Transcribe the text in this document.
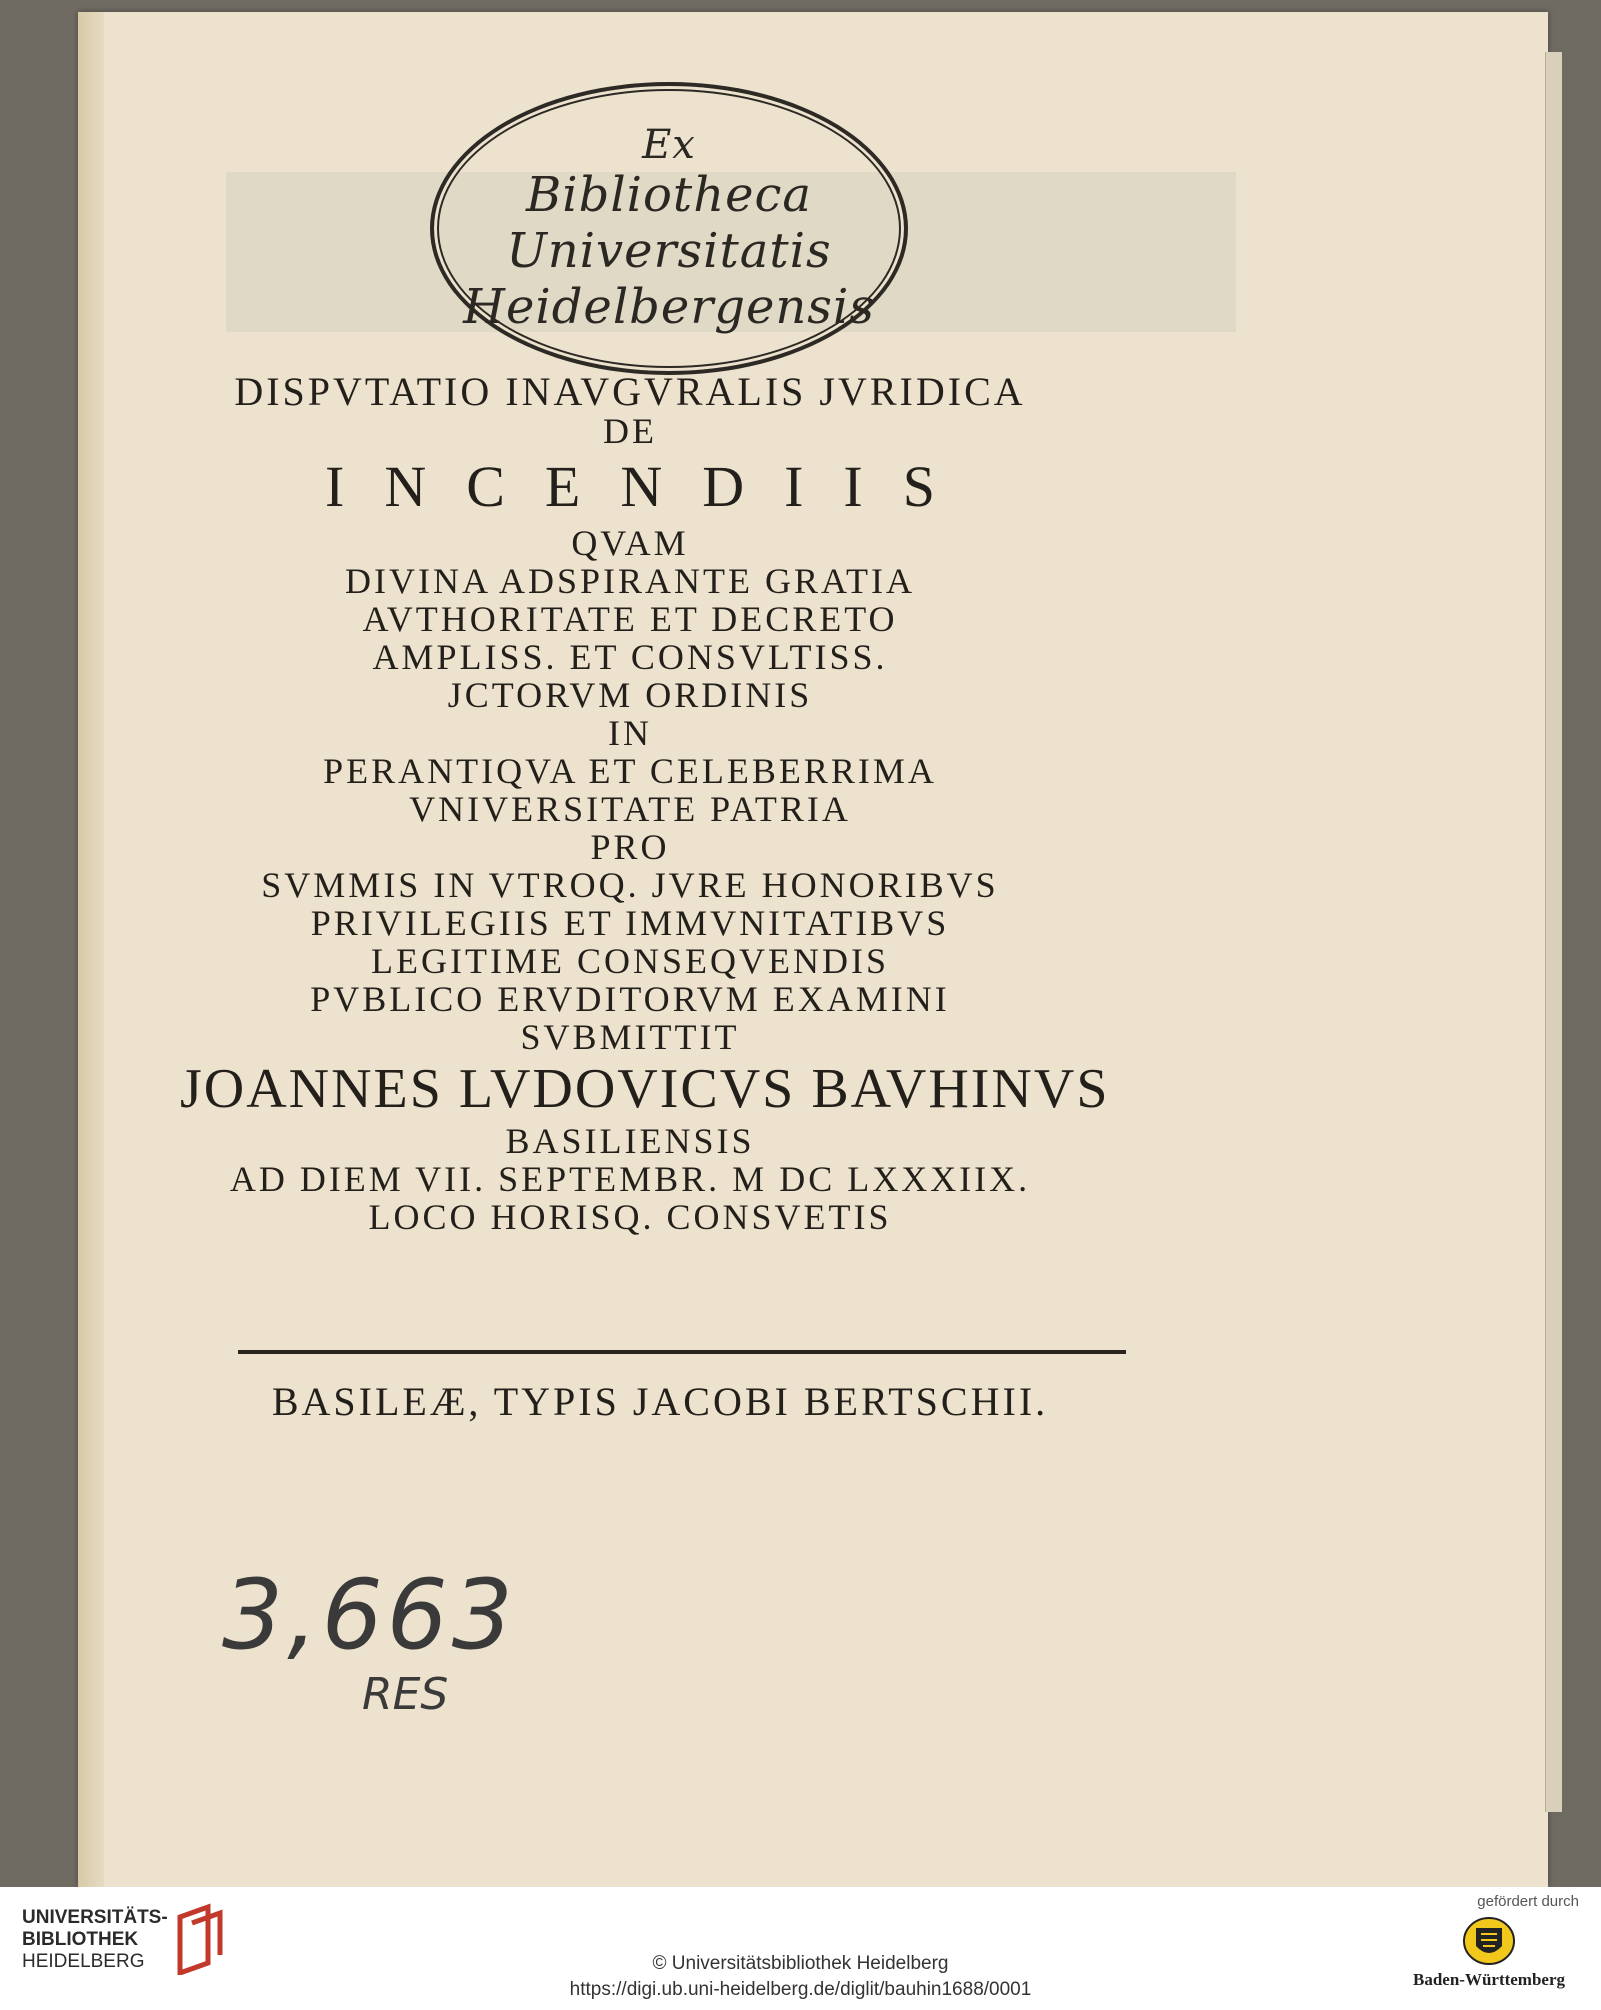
Ex
Bibliotheca
Universitatis
Heidelbergensis

DISPVTATIO INAVGVRALIS JVRIDICA

DE

INCENDIIS

QVAM

DIVINA ADSPIRANTE GRATIA

AVTHORITATE ET DECRETO

AMPLISS. ET CONSVLTISS.

JCTORVM ORDINIS

IN

PERANTIQVA ET CELEBERRIMA

VNIVERSITATE PATRIA

PRO

SVMMIS IN VTROQ. JVRE HONORIBVS

PRIVILEGIIS ET IMMVNITATIBVS

LEGITIME CONSEQVENDIS

PVBLICO ERVDITORVM EXAMINI

SVBMITTIT

JOANNES LVDOVICVS BAVHINVS

BASILIENSIS

AD DIEM VII. SEPTEMBR. M DC LXXXIIX.

LOCO HORISQ. CONSVETIS

BASILEÆ, TYPIS JACOBI BERTSCHII.
3,663
RES
UNIVERSITÄTS-
BIBLIOTHEK
HEIDELBERG	© Universitätsbibliothek Heidelberg
https://digi.ub.uni-heidelberg.de/diglit/bauhin1688/0001
gefördert durch
Baden-Württemberg
